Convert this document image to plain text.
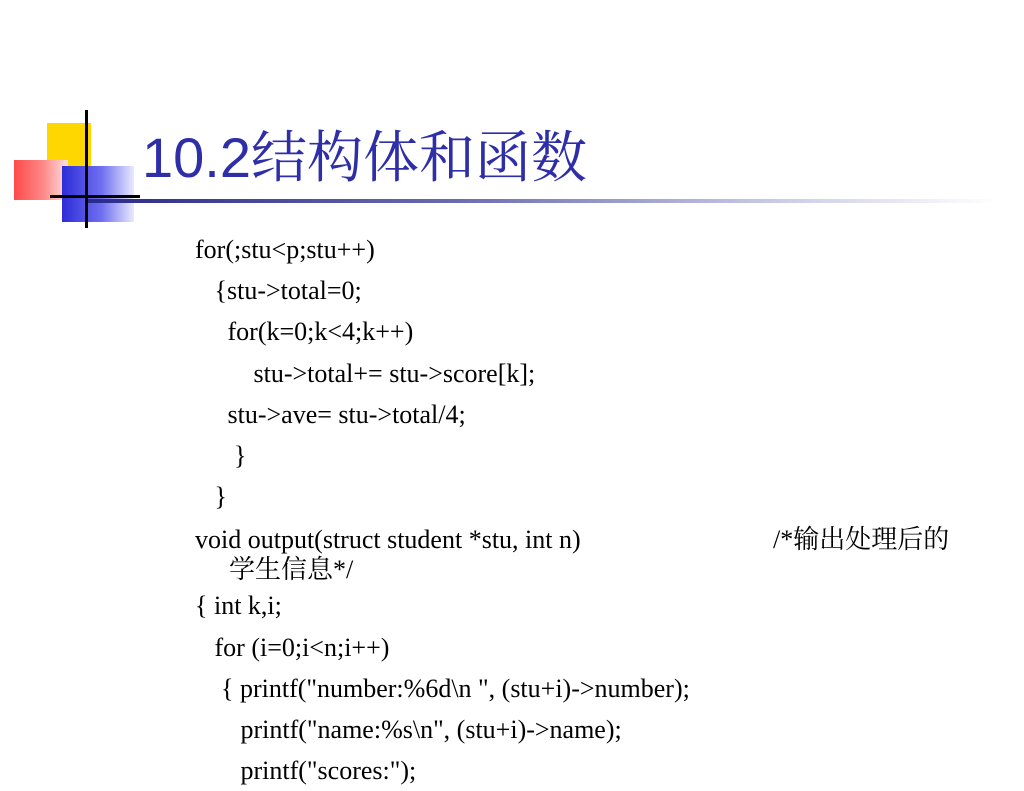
10.2结构体和函数
for(;stu<p;stu++)
{stu->total=0;
for(k=0;k<4;k++)
stu->total+= stu->score[k];
stu->ave= stu->total/4;
}
}
void output(struct student *stu, int n)	/*输出处理后的
学生信息*/
{ int k,i;
for (i=0;i<n;i++)
{ printf("number:%6d\n ", (stu+i)->number);
printf("name:%s\n", (stu+i)->name);
printf("scores:");
